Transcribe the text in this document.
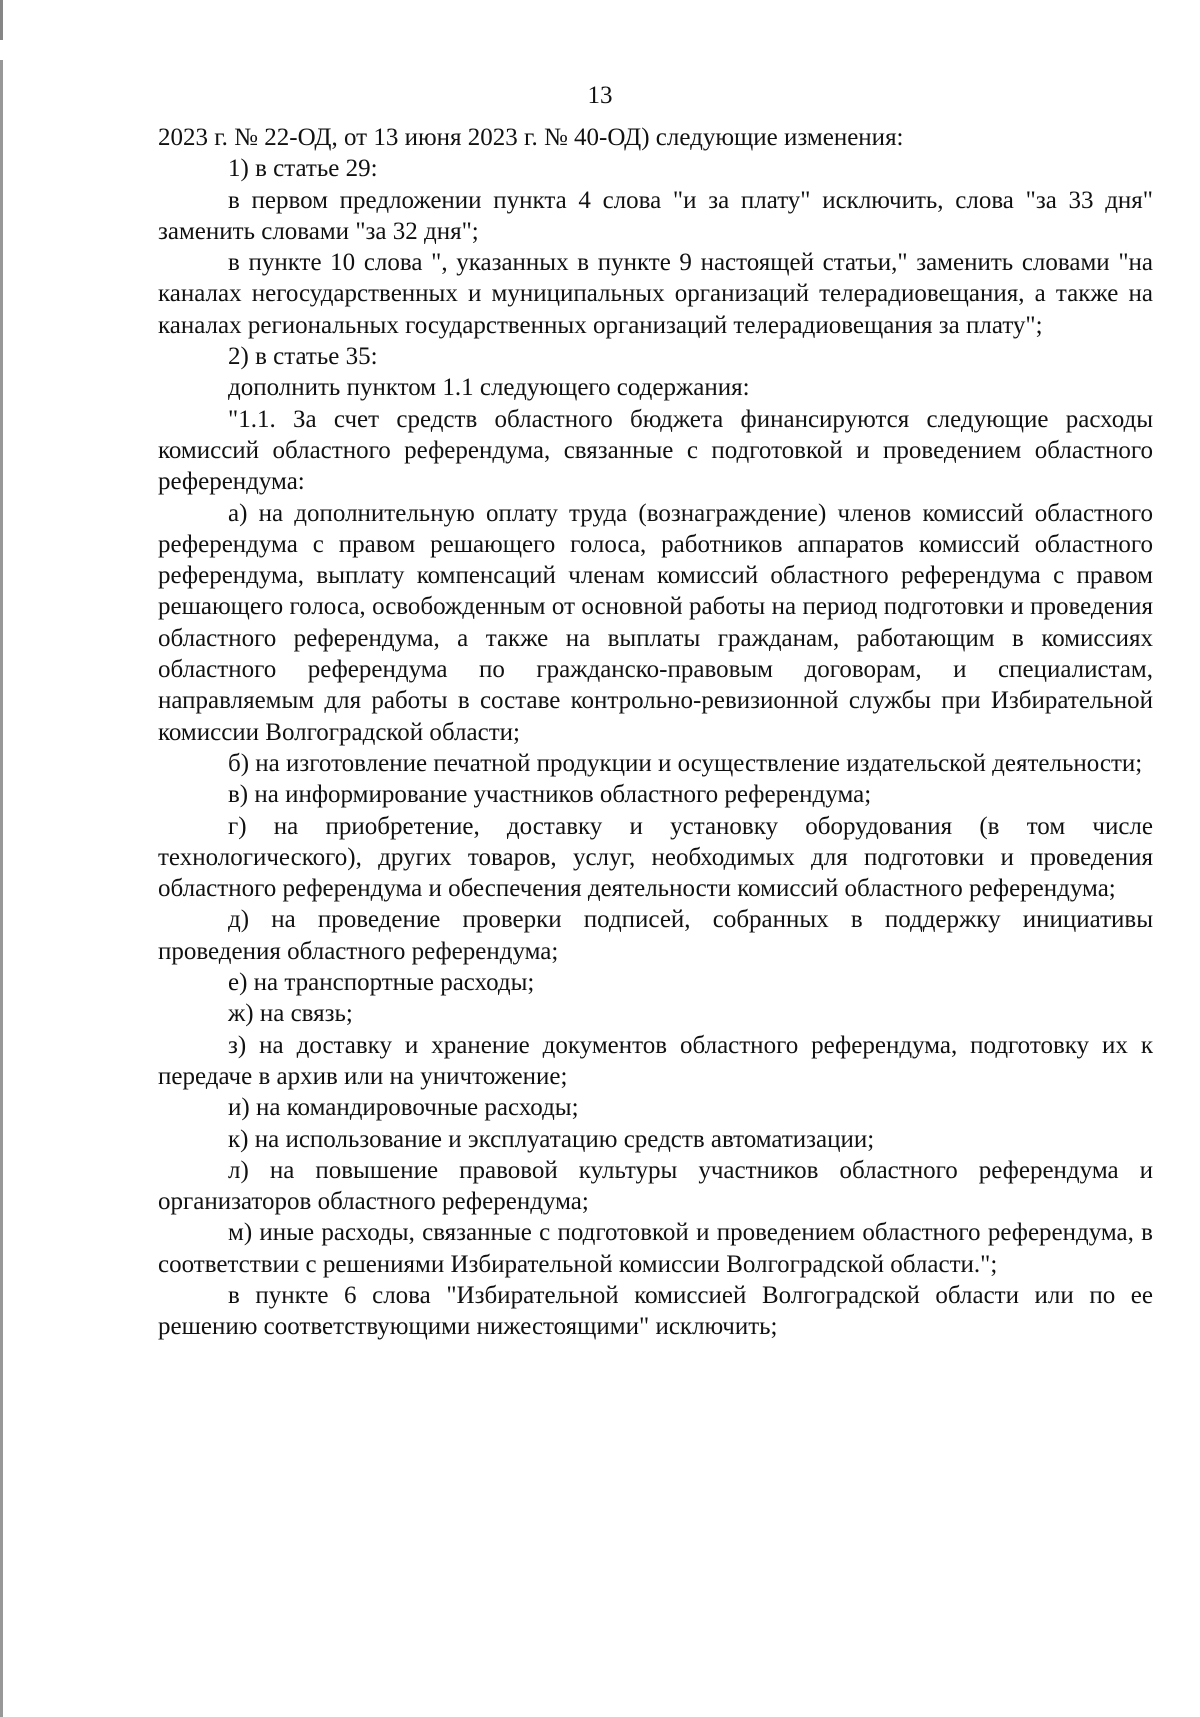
13

2023 г. № 22-ОД, от 13 июня 2023 г. № 40-ОД) следующие изменения:

1) в статье 29:

в первом предложении пункта 4 слова "и за плату" исключить, слова "за 33 дня" заменить словами "за 32 дня";

в пункте 10 слова ", указанных в пункте 9 настоящей статьи," заменить словами "на каналах негосударственных и муниципальных организаций телерадиовещания, а также на каналах региональных государственных организаций телерадиовещания за плату";

2) в статье 35:

дополнить пунктом 1.1 следующего содержания:

"1.1. За счет средств областного бюджета финансируются следующие расходы комиссий областного референдума, связанные с подготовкой и проведением областного референдума:

а) на дополнительную оплату труда (вознаграждение) членов комиссий областного референдума с правом решающего голоса, работников аппаратов комиссий областного референдума, выплату компенсаций членам комиссий областного референдума с правом решающего голоса, освобожденным от основной работы на период подготовки и проведения областного референдума, а также на выплаты гражданам, работающим в комиссиях областного референдума по гражданско-правовым договорам, и специалистам, направляемым для работы в составе контрольно-ревизионной службы при Избирательной комиссии Волгоградской области;

б) на изготовление печатной продукции и осуществление издательской деятельности;

в) на информирование участников областного референдума;

г) на приобретение, доставку и установку оборудования (в том числе технологического), других товаров, услуг, необходимых для подготовки и проведения областного референдума и обеспечения деятельности комиссий областного референдума;

д) на проведение проверки подписей, собранных в поддержку инициативы проведения областного референдума;

е) на транспортные расходы;

ж) на связь;

з) на доставку и хранение документов областного референдума, подготовку их к передаче в архив или на уничтожение;

и) на командировочные расходы;

к) на использование и эксплуатацию средств автоматизации;

л) на повышение правовой культуры участников областного референдума и организаторов областного референдума;

м) иные расходы, связанные с подготовкой и проведением областного референдума, в соответствии с решениями Избирательной комиссии Волгоградской области.";

в пункте 6 слова "Избирательной комиссией Волгоградской области или по ее решению соответствующими нижестоящими" исключить;
